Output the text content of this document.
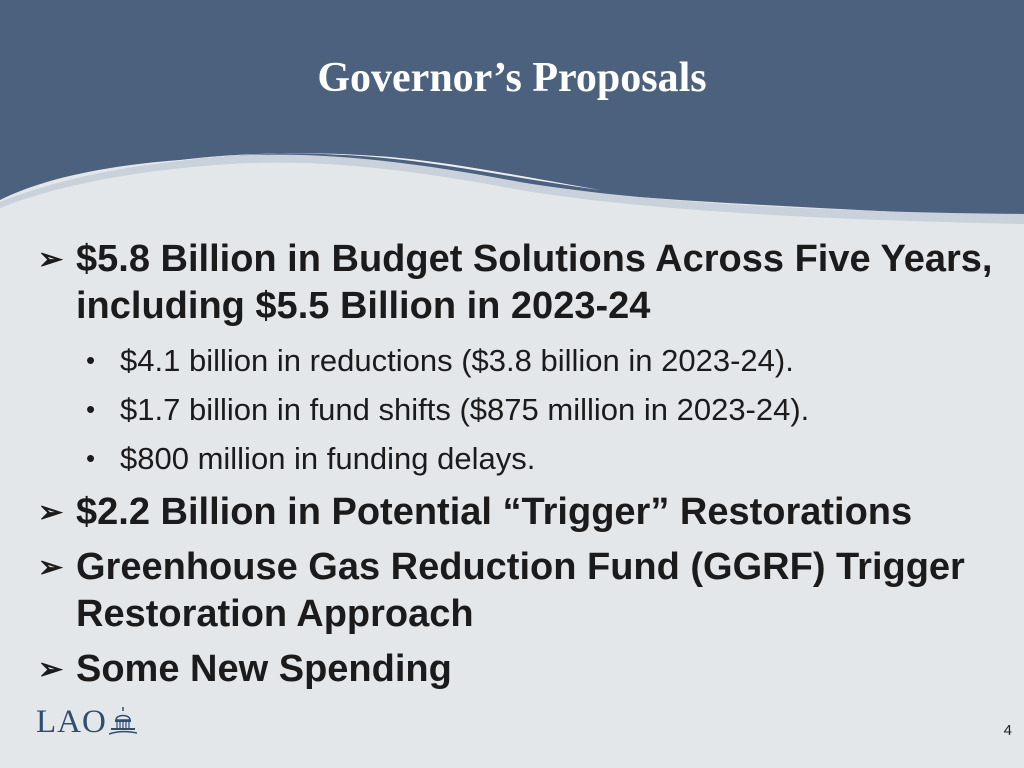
Governor’s Proposals
➢ $5.8 Billion in Budget Solutions Across Five Years, including $5.5 Billion in 2023-24
• $4.1 billion in reductions ($3.8 billion in 2023-24).
• $1.7 billion in fund shifts ($875 million in 2023-24).
• $800 million in funding delays.
➢ $2.2 Billion in Potential “Trigger” Restorations
➢ Greenhouse Gas Reduction Fund (GGRF) Trigger Restoration Approach
➢ Some New Spending
LAO	4
